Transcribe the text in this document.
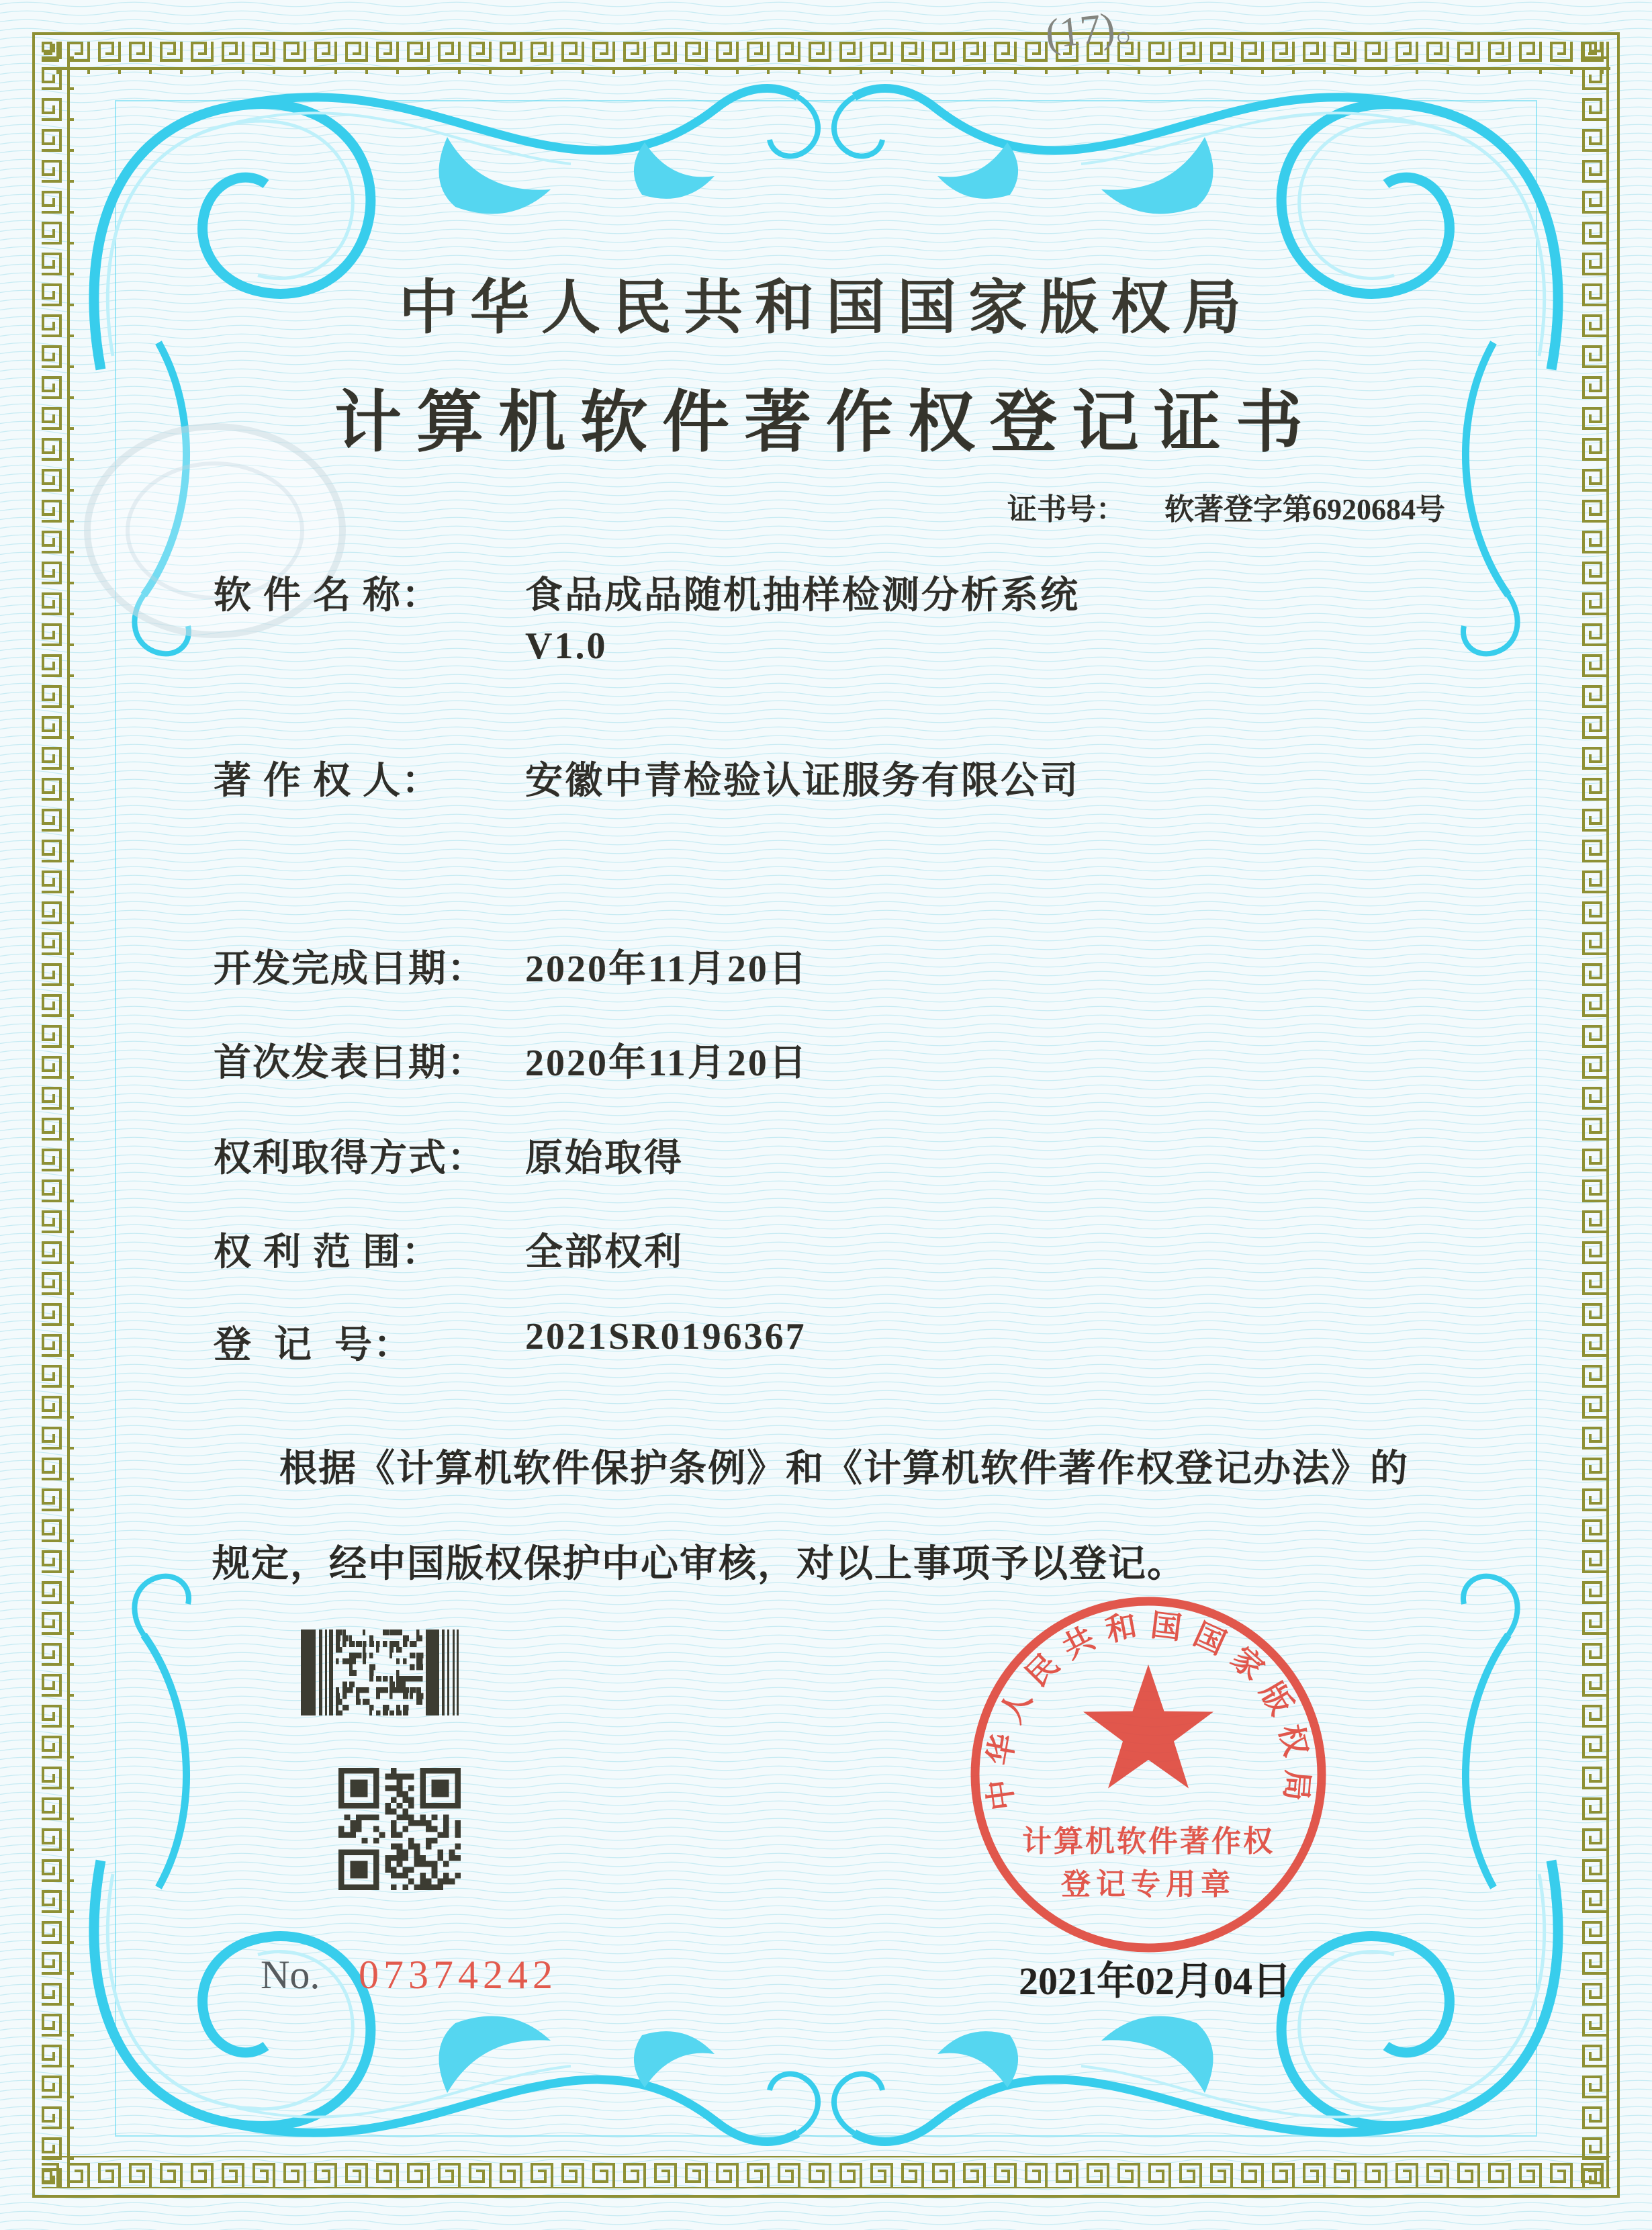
(17)。
中华人民共和国国家版权局
计算机软件著作权登记证书
证书号： 软著登字第6920684号
软 件 名 称： 食品成品随机抽样检测分析系统
V1.0
著 作 权 人： 安徽中青检验认证服务有限公司
开发完成日期： 2020年11月20日
首次发表日期： 2020年11月20日
权利取得方式： 原始取得
权 利 范 围： 全部权利
登  记  号：	2021SR0196367
根据《计算机软件保护条例》和《计算机软件著作权登记办法》的
规定，经中国版权保护中心审核，对以上事项予以登记。
No. 07374242
中华人民共和国国家版权局
计算机软件著作权
登记专用章
2021年02月04日
